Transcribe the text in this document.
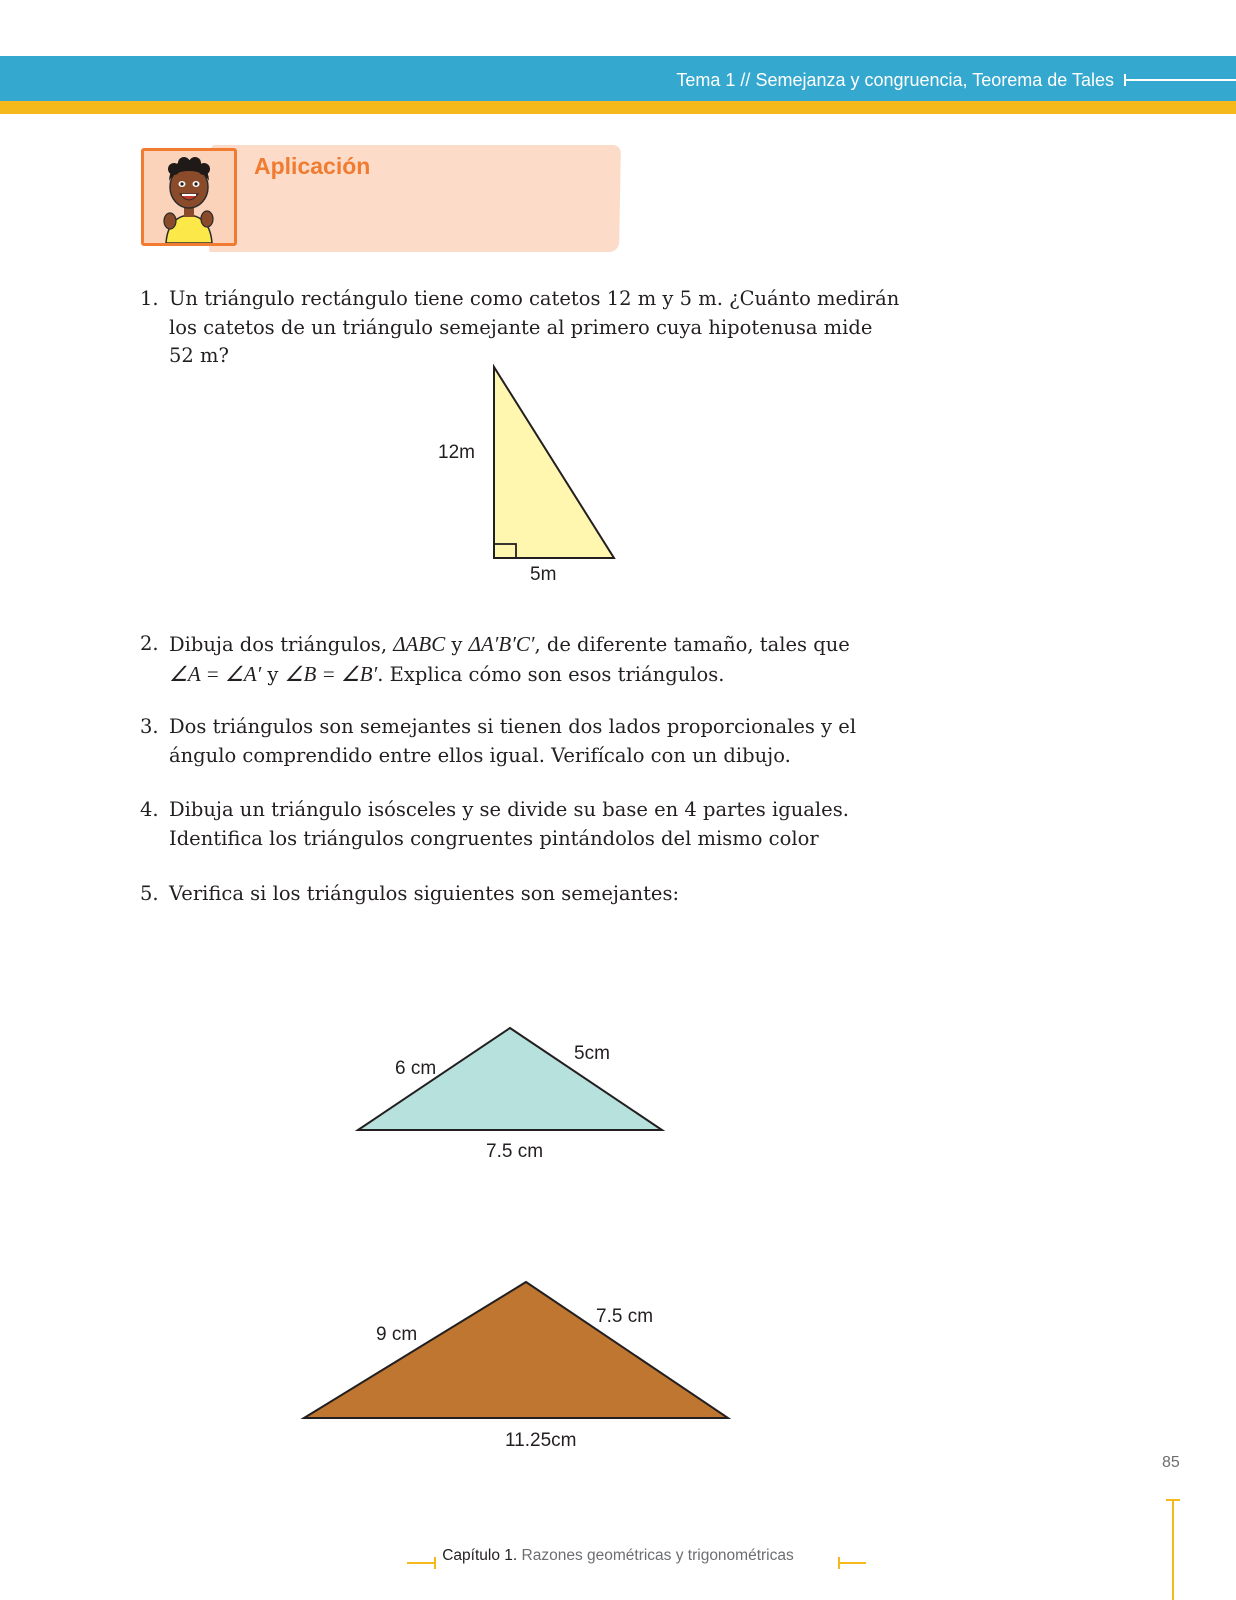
Tema 1 // Semejanza y congruencia, Teorema de Tales
Aplicación
1. Un triángulo rectángulo tiene como catetos 12 m y 5 m. ¿Cuánto medirán los catetos de un triángulo semejante al primero cuya hipotenusa mide 52 m?
12m
5m
2. Dibuja dos triángulos, ΔABC y ΔA′B′C′, de diferente tamaño, tales que
∠A = ∠A′ y ∠B = ∠B′. Explica cómo son esos triángulos.
3. Dos triángulos son semejantes si tienen dos lados proporcionales y el ángulo comprendido entre ellos igual. Verifícalo con un dibujo.
4. Dibuja un triángulo isósceles y se divide su base en 4 partes iguales. Identifica los triángulos congruentes pintándolos del mismo color
5. Verifica si los triángulos siguientes son semejantes:
6 cm
5cm
7.5 cm
9 cm
7.5 cm
11.25cm
85
Capítulo 1. Razones geométricas y trigonométricas
